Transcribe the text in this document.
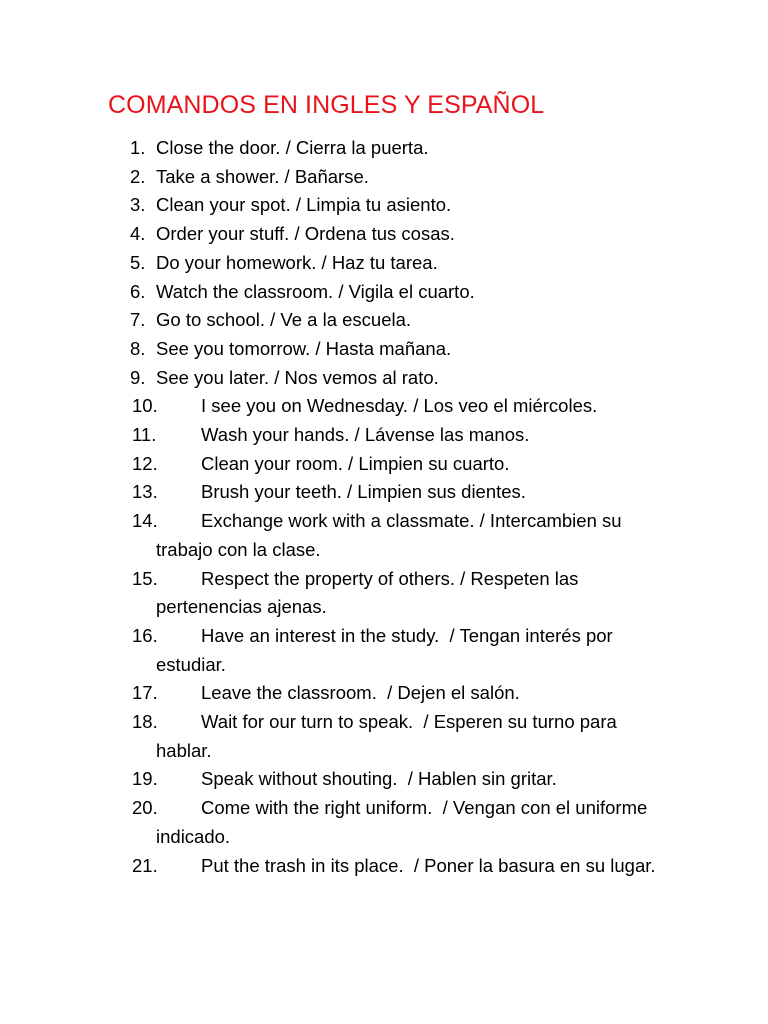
COMANDOS EN INGLES Y ESPAÑOL
1. Close the door. / Cierra la puerta.
2. Take a shower. / Bañarse.
3. Clean your spot. / Limpia tu asiento.
4. Order your stuff. / Ordena tus cosas.
5. Do your homework. / Haz tu tarea.
6. Watch the classroom. / Vigila el cuarto.
7. Go to school. / Ve a la escuela.
8. See you tomorrow. / Hasta mañana.
9. See you later. / Nos vemos al rato.
10.	I see you on Wednesday. / Los veo el miércoles.
11.	Wash your hands. / Lávense las manos.
12.	Clean your room. / Limpien su cuarto.
13.	Brush your teeth. / Limpien sus dientes.
14.	Exchange work with a classmate. / Intercambien su trabajo con la clase.
15.	Respect the property of others. / Respeten las pertenencias ajenas.
16.	Have an interest in the study.  / Tengan interés por estudiar.
17.	Leave the classroom.  / Dejen el salón.
18.	Wait for our turn to speak.  / Esperen su turno para hablar.
19.	Speak without shouting.  / Hablen sin gritar.
20.	Come with the right uniform.  / Vengan con el uniforme      indicado.
21.	Put the trash in its place.  / Poner la basura en su lugar.
